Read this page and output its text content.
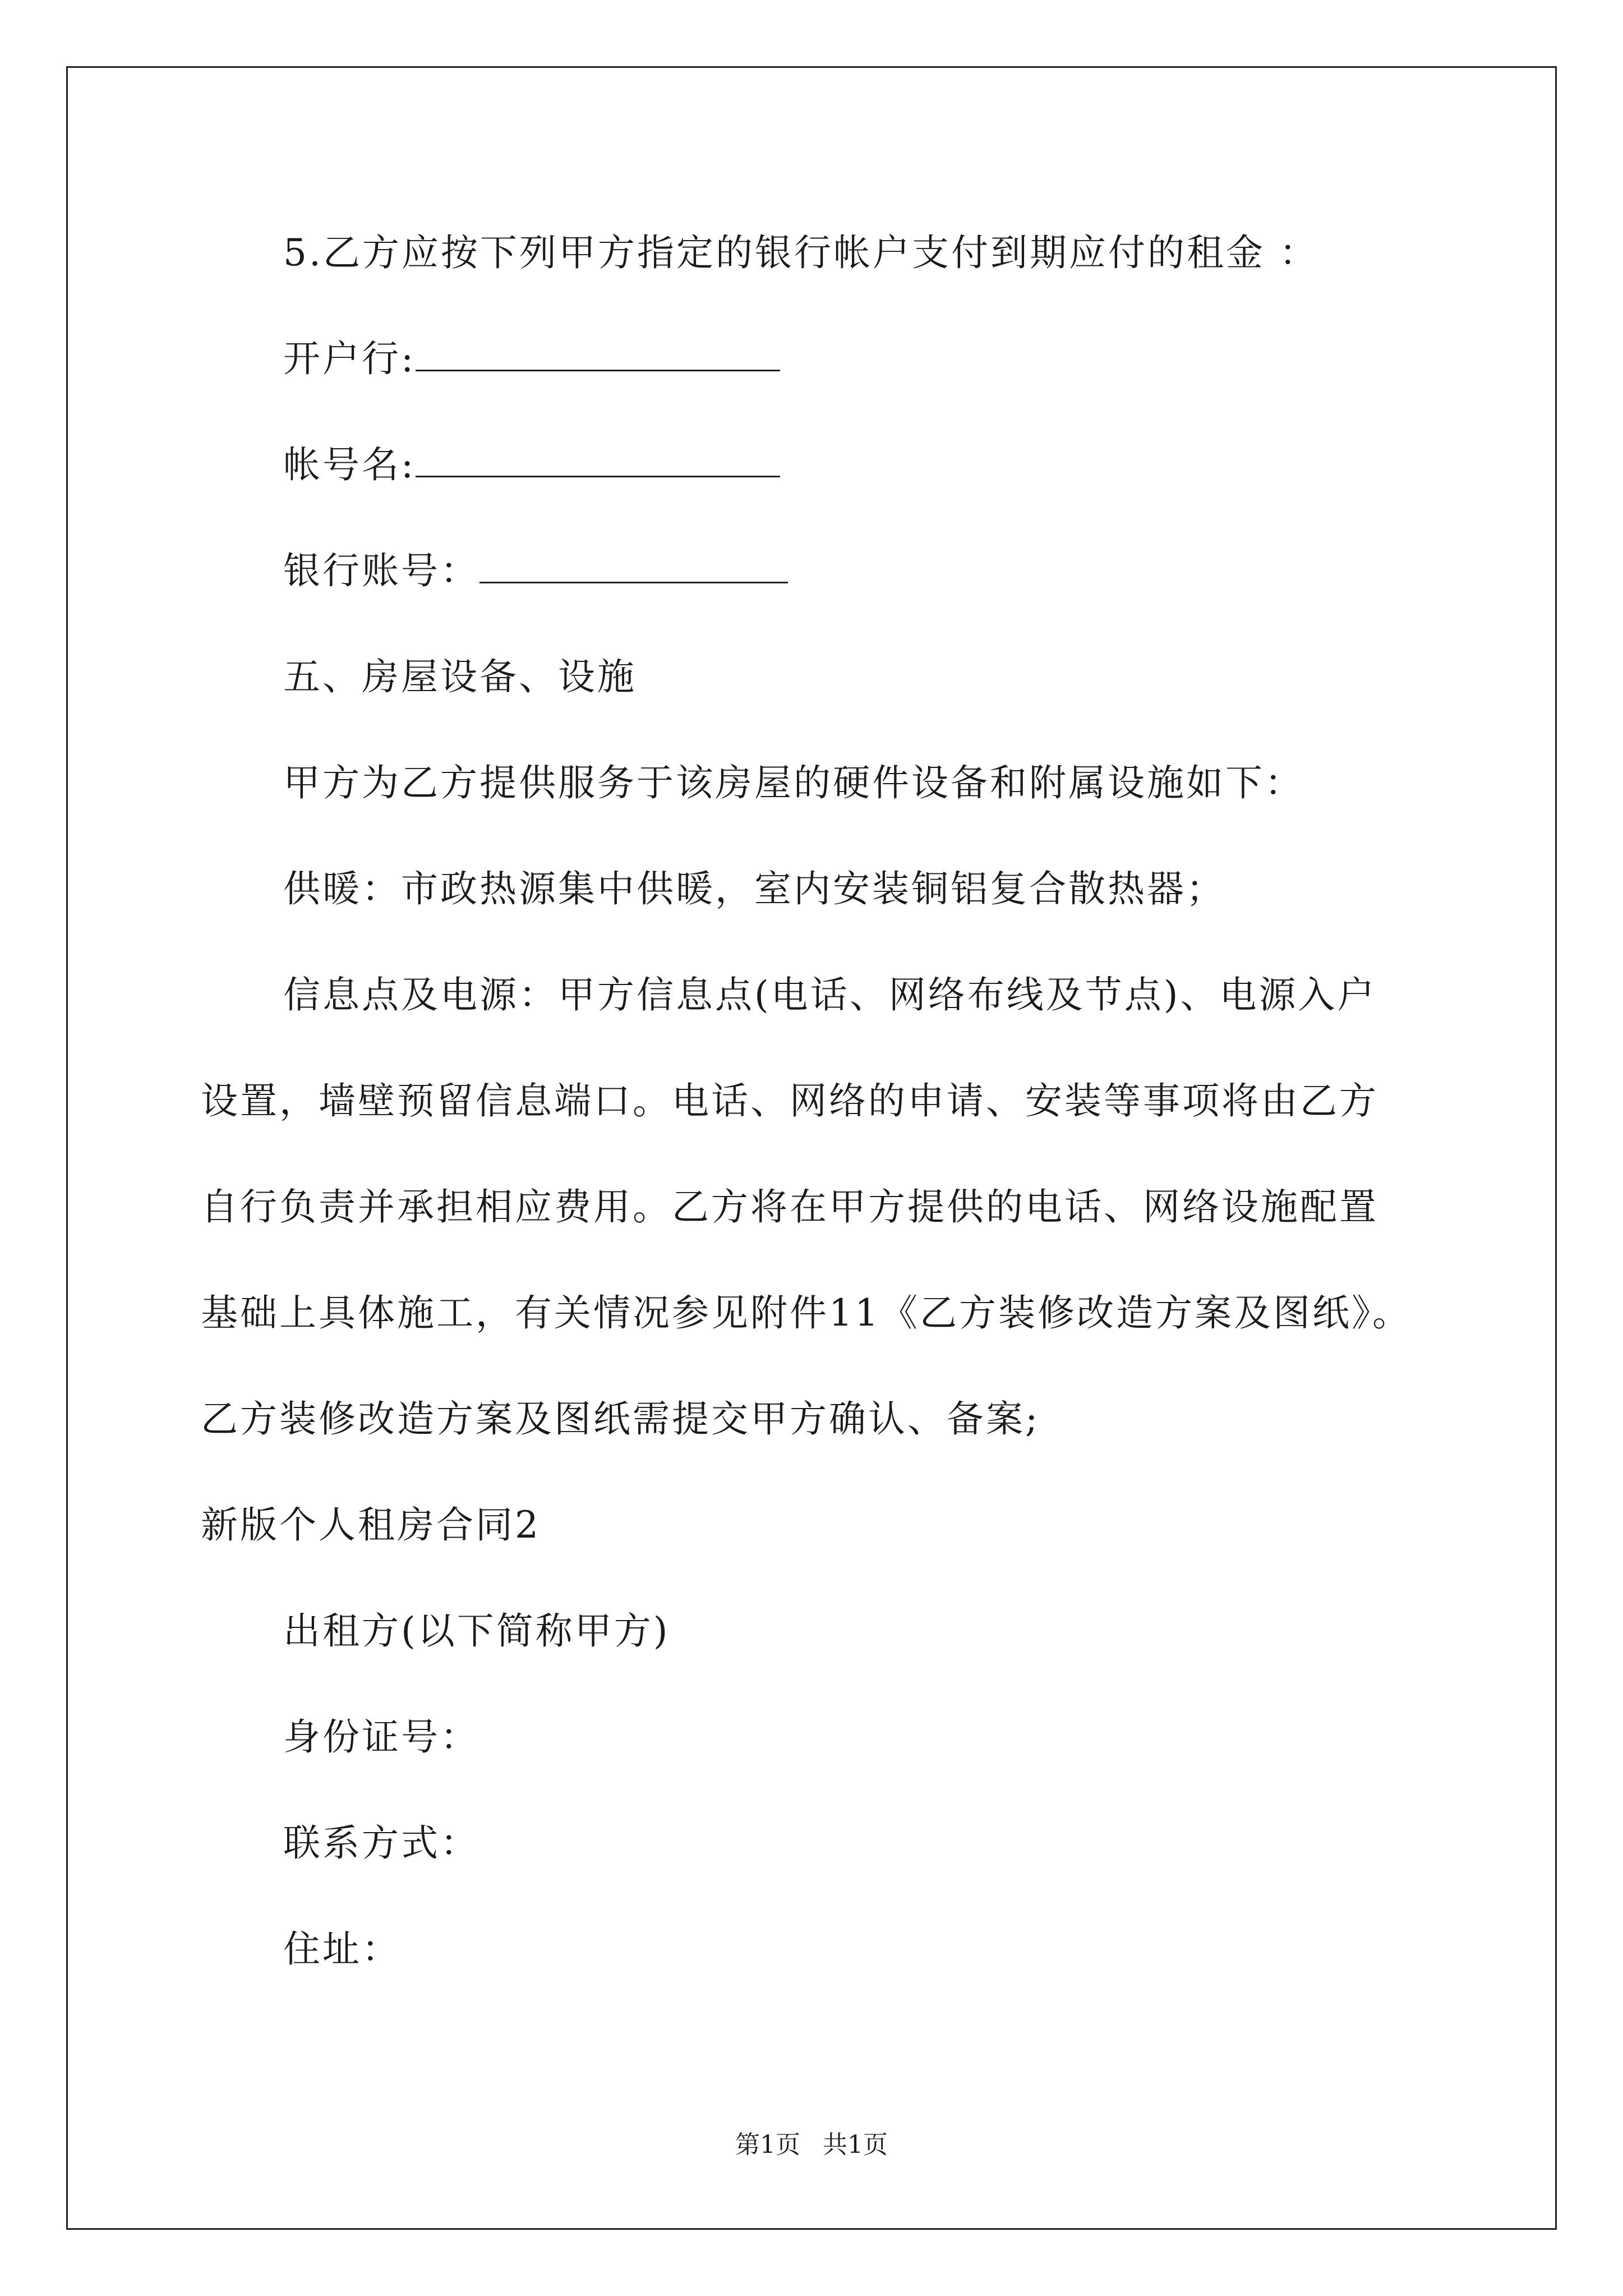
5.乙方应按下列甲方指定的银行帐户支付到期应付的租金 ：
开户行:
帐号名:
银行账号：
五、房屋设备、设施
甲方为乙方提供服务于该房屋的硬件设备和附属设施如下：
供暖：市政热源集中供暖，室内安装铜铝复合散热器；
信息点及电源：甲方信息点(电话、网络布线及节点)、电源入户
设置，墙壁预留信息端口。电话、网络的申请、安装等事项将由乙方
自行负责并承担相应费用。乙方将在甲方提供的电话、网络设施配置
基础上具体施工，有关情况参见附件11《乙方装修改造方案及图纸》。
乙方装修改造方案及图纸需提交甲方确认、备案;
新版个人租房合同2
出租方(以下简称甲方)
身份证号：
联系方式：
住址：
第1页 共1页
